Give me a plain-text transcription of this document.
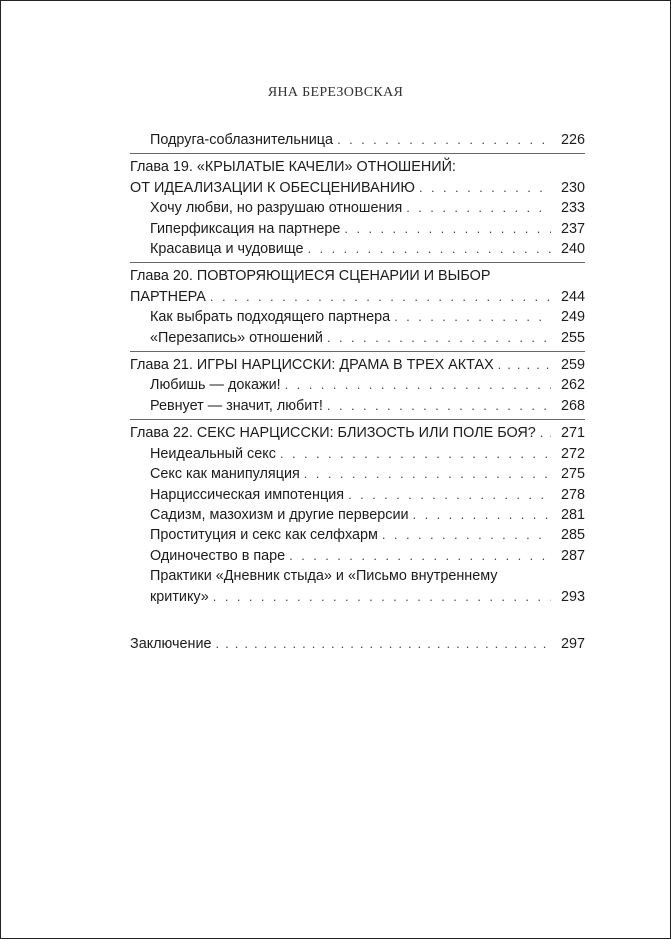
ЯНА БЕРЕЗОВСКАЯ
Подруга-соблазнительница . . .	226
Глава 19. «КРЫЛАТЫЕ КАЧЕЛИ» ОТНОШЕНИЙ:
ОТ ИДЕАЛИЗАЦИИ К ОБЕСЦЕНИВАНИЮ . . .	230
Хочу любви, но разрушаю отношения . . .	233
Гиперфиксация на партнере . . .	237
Красавица и чудовище . . .	240
Глава 20. ПОВТОРЯЮЩИЕСЯ СЦЕНАРИИ И ВЫБОР
ПАРТНЕРА . . .	244
Как выбрать подходящего партнера . . .	249
«Перезапись» отношений . . .	255
Глава 21. ИГРЫ НАРЦИССКИ: ДРАМА В ТРЕХ АКТАХ . . .	259
Любишь — докажи! . . .	262
Ревнует — значит, любит! . . .	268
Глава 22. СЕКС НАРЦИССКИ: БЛИЗОСТЬ ИЛИ ПОЛЕ БОЯ? . . .	271
Неидеальный секс . . .	272
Секс как манипуляция . . .	275
Нарциссическая импотенция . . .	278
Садизм, мазохизм и другие перверсии . . .	281
Проституция и секс как селфхарм . . .	285
Одиночество в паре . . .	287
Практики «Дневник стыда» и «Письмо внутреннему
критику» . . .	293
Заключение . . .	297
